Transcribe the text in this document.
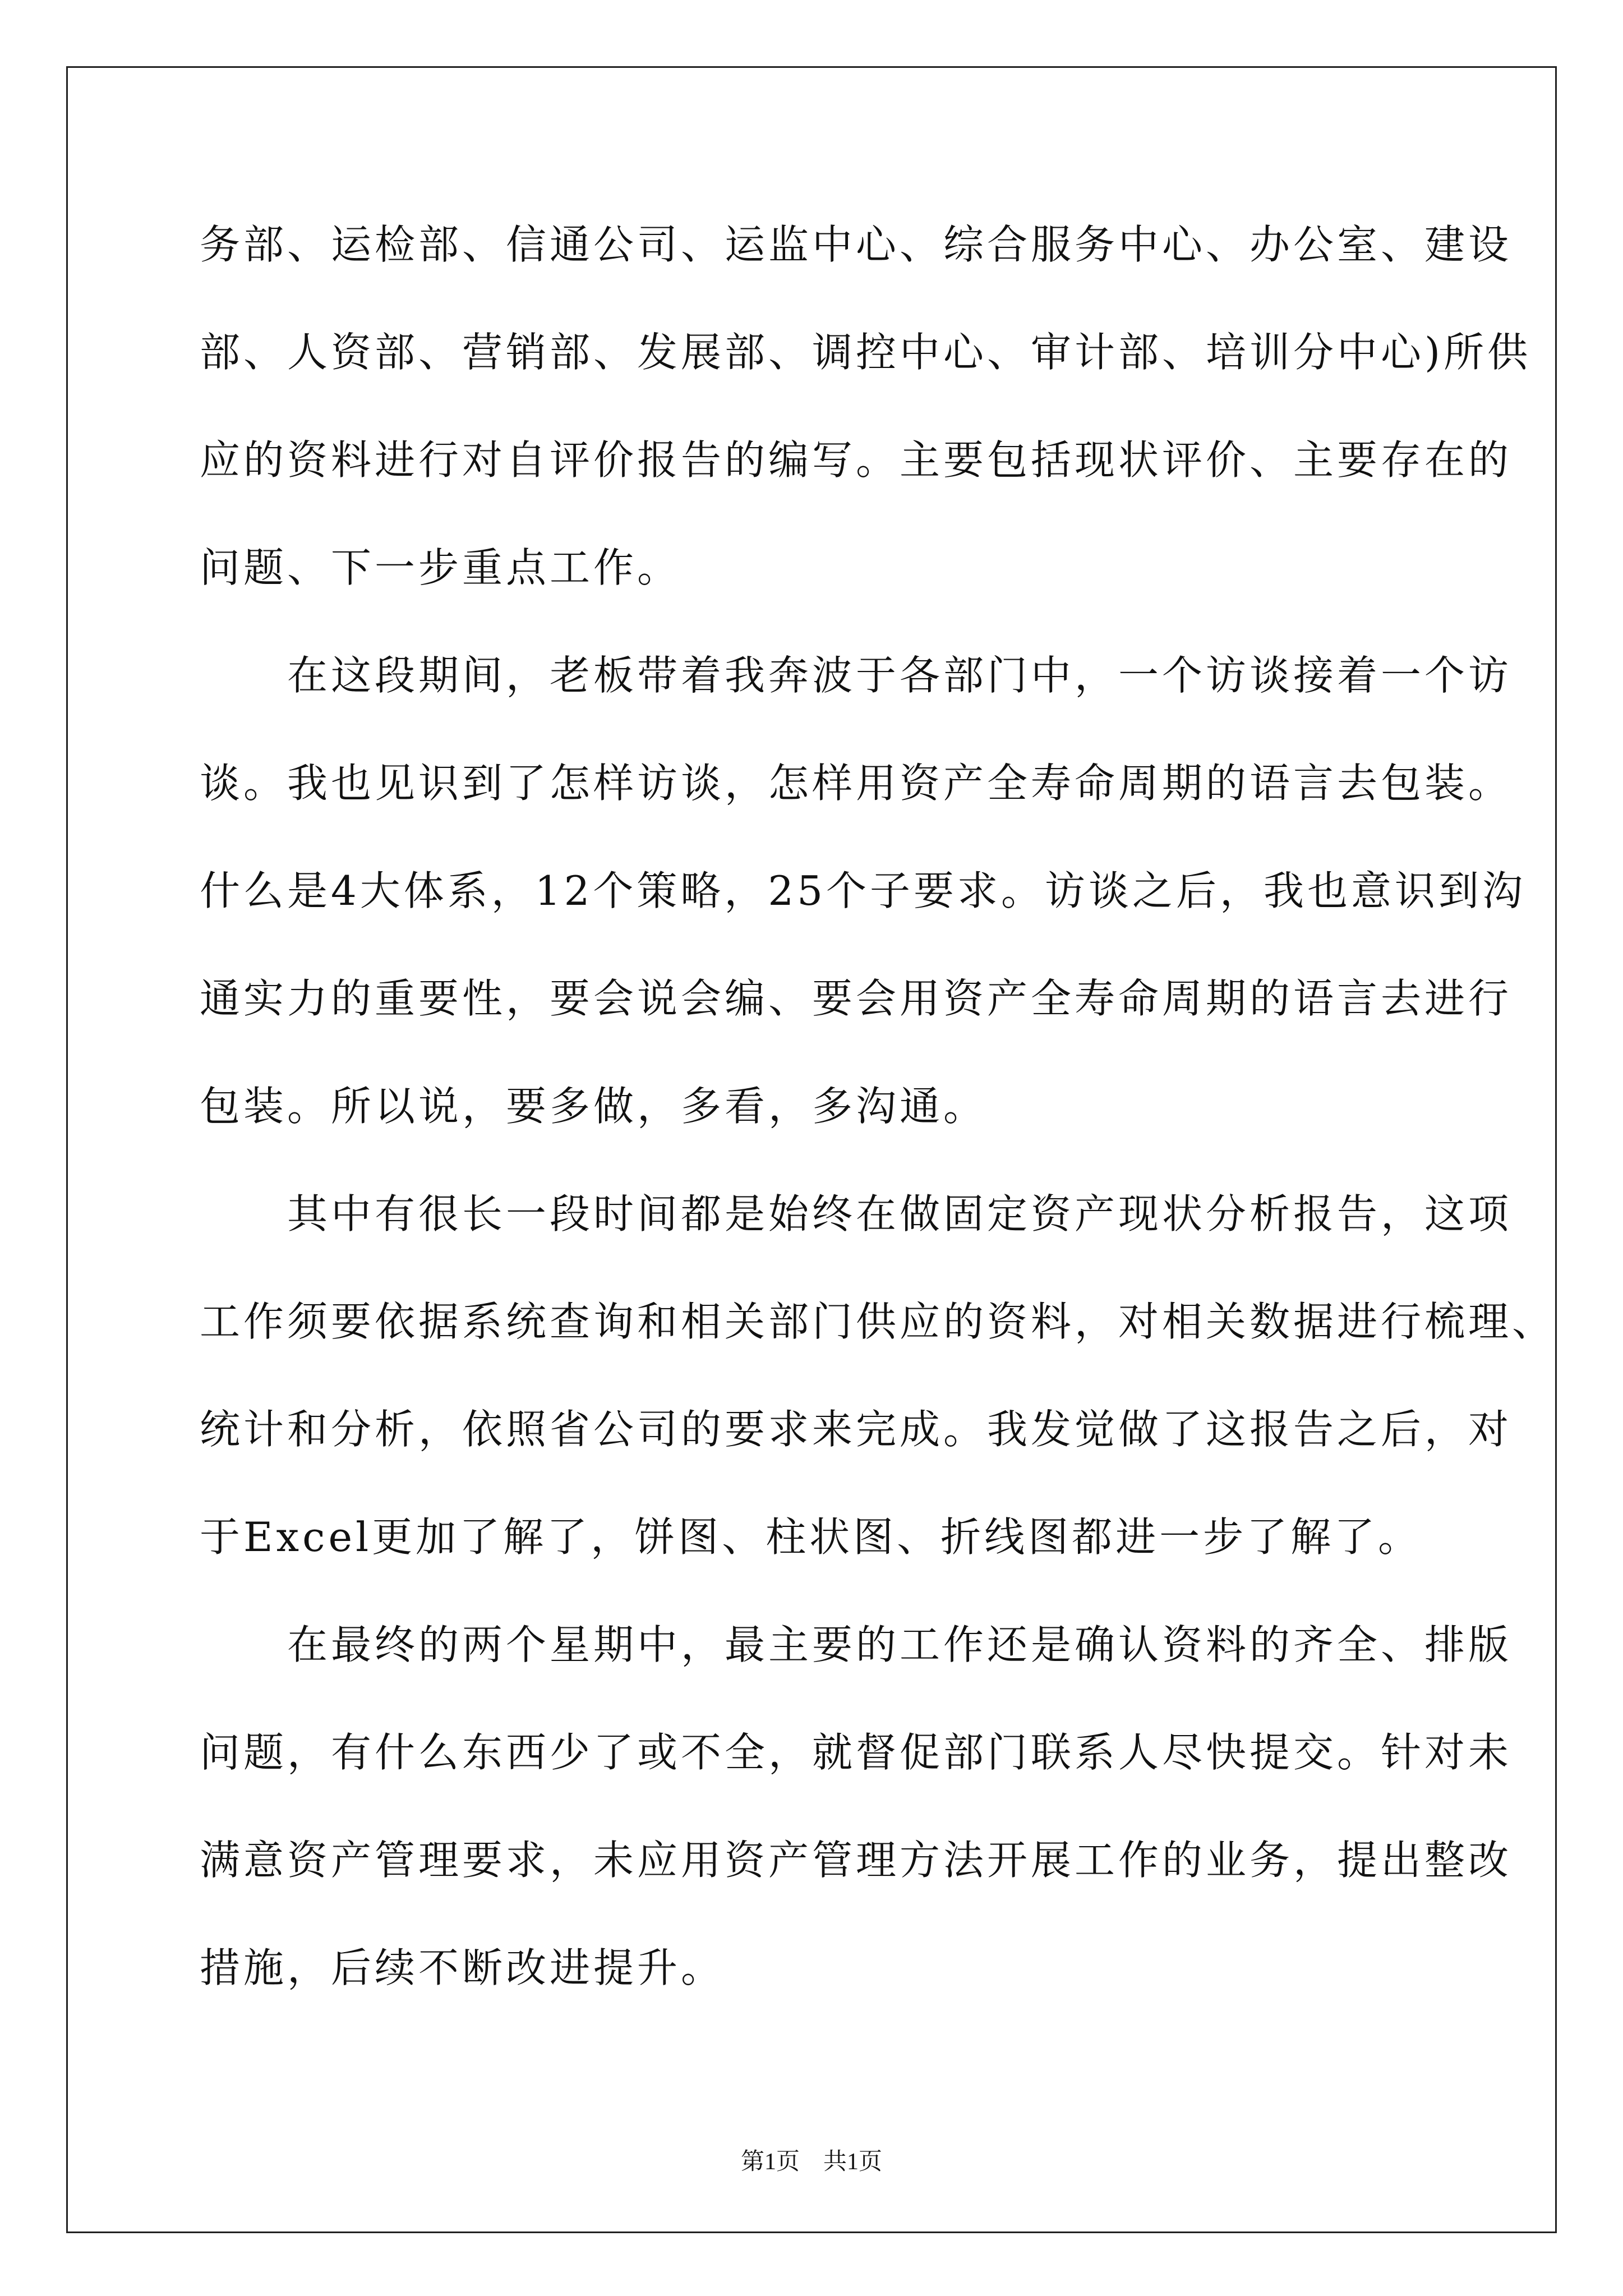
务部、运检部、信通公司、运监中心、综合服务中心、办公室、建设
部、人资部、营销部、发展部、调控中心、审计部、培训分中心)所供
应的资料进行对自评价报告的编写。主要包括现状评价、主要存在的
问题、下一步重点工作。
　　在这段期间，老板带着我奔波于各部门中，一个访谈接着一个访
谈。我也见识到了怎样访谈，怎样用资产全寿命周期的语言去包装。
什么是4大体系，12个策略，25个子要求。访谈之后，我也意识到沟
通实力的重要性，要会说会编、要会用资产全寿命周期的语言去进行
包装。所以说，要多做，多看，多沟通。
　　其中有很长一段时间都是始终在做固定资产现状分析报告，这项
工作须要依据系统查询和相关部门供应的资料，对相关数据进行梳理、
统计和分析，依照省公司的要求来完成。我发觉做了这报告之后，对
于Excel更加了解了，饼图、柱状图、折线图都进一步了解了。
　　在最终的两个星期中，最主要的工作还是确认资料的齐全、排版
问题，有什么东西少了或不全，就督促部门联系人尽快提交。针对未
满意资产管理要求，未应用资产管理方法开展工作的业务，提出整改
措施，后续不断改进提升。
第1页　共1页
